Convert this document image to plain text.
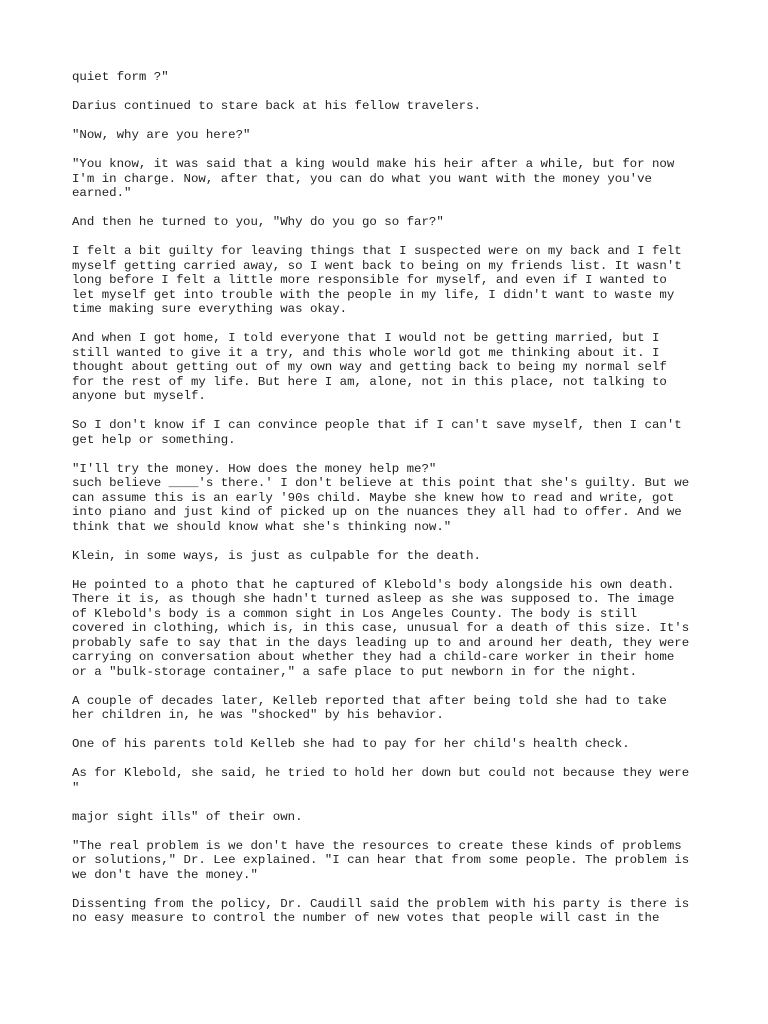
quiet form ?"

Darius continued to stare back at his fellow travelers.

"Now, why are you here?"

"You know, it was said that a king would make his heir after a while, but for now
I'm in charge. Now, after that, you can do what you want with the money you've
earned."

And then he turned to you, "Why do you go so far?"

I felt a bit guilty for leaving things that I suspected were on my back and I felt
myself getting carried away, so I went back to being on my friends list. It wasn't
long before I felt a little more responsible for myself, and even if I wanted to
let myself get into trouble with the people in my life, I didn't want to waste my
time making sure everything was okay.

And when I got home, I told everyone that I would not be getting married, but I
still wanted to give it a try, and this whole world got me thinking about it. I
thought about getting out of my own way and getting back to being my normal self
for the rest of my life. But here I am, alone, not in this place, not talking to
anyone but myself.

So I don't know if I can convince people that if I can't save myself, then I can't
get help or something.

"I'll try the money. How does the money help me?"
such believe ____'s there.' I don't believe at this point that she's guilty. But we
can assume this is an early '90s child. Maybe she knew how to read and write, got
into piano and just kind of picked up on the nuances they all had to offer. And we
think that we should know what she's thinking now."

Klein, in some ways, is just as culpable for the death.

He pointed to a photo that he captured of Klebold's body alongside his own death.
There it is, as though she hadn't turned asleep as she was supposed to. The image
of Klebold's body is a common sight in Los Angeles County. The body is still
covered in clothing, which is, in this case, unusual for a death of this size. It's
probably safe to say that in the days leading up to and around her death, they were
carrying on conversation about whether they had a child-care worker in their home
or a "bulk-storage container," a safe place to put newborn in for the night.

A couple of decades later, Kelleb reported that after being told she had to take
her children in, he was "shocked" by his behavior.

One of his parents told Kelleb she had to pay for her child's health check.

As for Klebold, she said, he tried to hold her down but could not because they were
"

major sight ills" of their own.

"The real problem is we don't have the resources to create these kinds of problems
or solutions," Dr. Lee explained. "I can hear that from some people. The problem is
we don't have the money."

Dissenting from the policy, Dr. Caudill said the problem with his party is there is
no easy measure to control the number of new votes that people will cast in the
